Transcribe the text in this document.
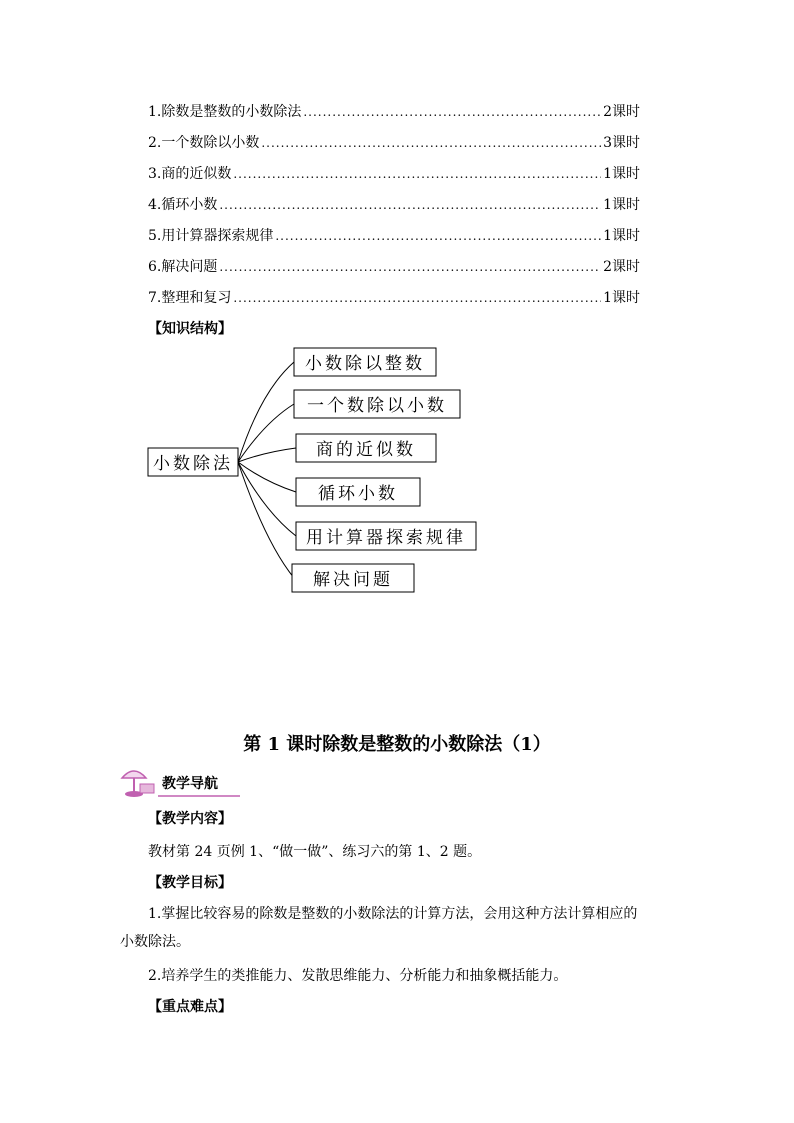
1.除数是整数的小数除法 .....	2课时
2.一个数除以小数 .....	3课时
3.商的近似数 .....	1课时
4.循环小数 .....	1课时
5.用计算器探索规律 .....	1课时
6.解决问题 .....	2课时
7.整理和复习 .....	1课时
【知识结构】
小数除法
小数除以整数
一个数除以小数
商的近似数
循环小数
用计算器探索规律
解决问题
第 1 课时除数是整数的小数除法（1）
教学导航
【教学内容】

教材第 24 页例 1、“做一做”、练习六的第 1、2 题。

【教学目标】

1.掌握比较容易的除数是整数的小数除法的计算方法，会用这种方法计算相应的小数除法。

2.培养学生的类推能力、发散思维能力、分析能力和抽象概括能力。

【重点难点】
